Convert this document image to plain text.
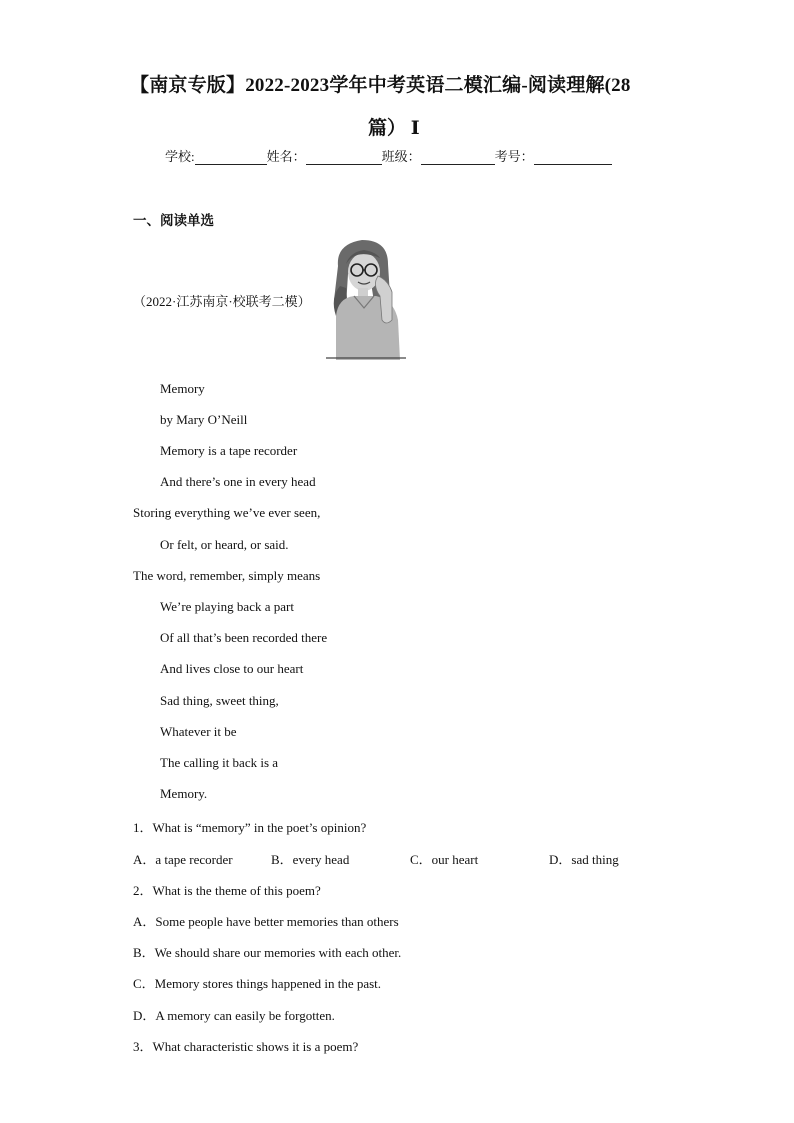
【南京专版】2022-2023学年中考英语二模汇编-阅读理解(28
篇） Ⅰ
学校:	姓名：	班级：	考号：
一、阅读单选
（2022·江苏南京·校联考二模）
Memory
by Mary O’Neill
Memory is a tape recorder
And there’s one in every head
Storing everything we’ve ever seen,
Or felt, or heard, or said.
The word, remember, simply means
We’re playing back a part
Of all that’s been recorded there
And lives close to our heart
Sad thing, sweet thing,
Whatever it be
The calling it back is a
Memory.
1．What is “memory” in the poet’s opinion?
A．a tape recorder	B．every head	C．our heart	D．sad thing
2．What is the theme of this poem?
A．Some people have better memories than others
B．We should share our memories with each other.
C．Memory stores things happened in the past.
D．A memory can easily be forgotten.
3．What characteristic shows it is a poem?
